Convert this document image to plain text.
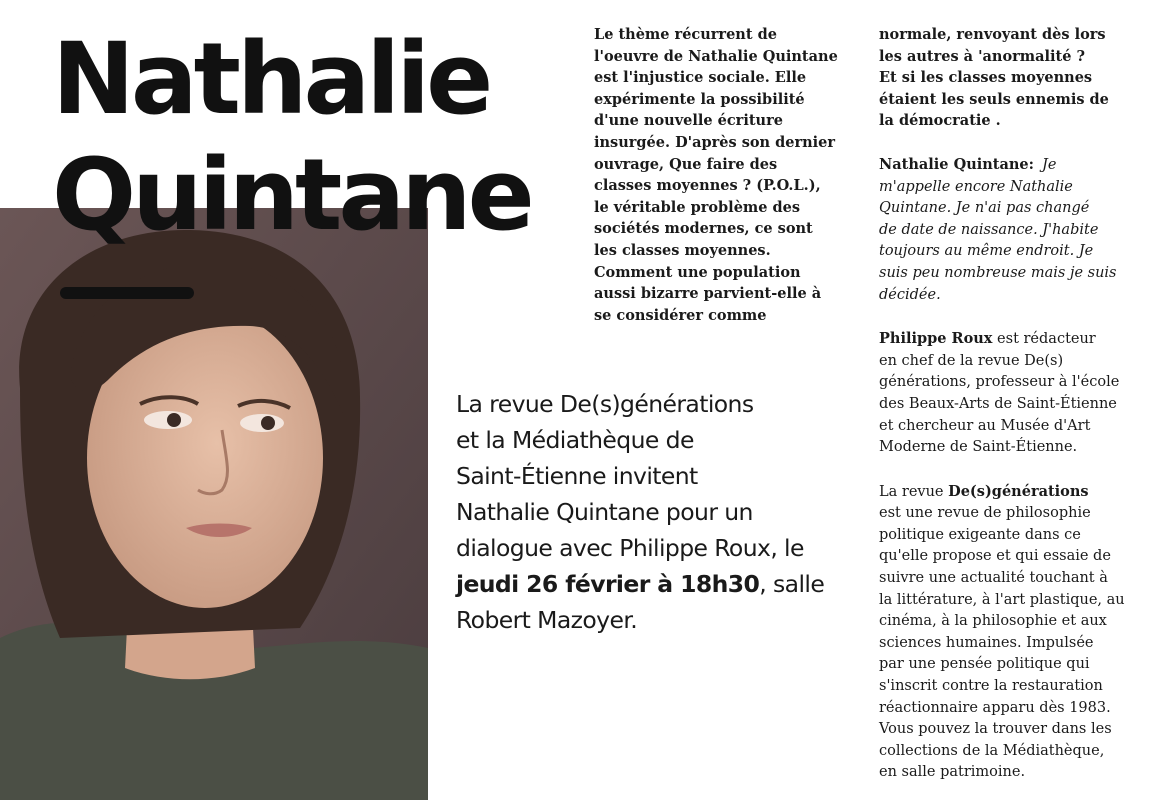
Nathalie
Quintane

La revue De(s)générations
et la Médiathèque de
Saint-Étienne invitent
Nathalie Quintane pour un
dialogue avec Philippe Roux, le
jeudi 26 février à 18h30, salle
Robert Mazoyer.

Le thème récurrent de
l'oeuvre de Nathalie Quintane
est l'injustice sociale. Elle
expérimente la possibilité
d'une nouvelle écriture
insurgée. D'après son dernier
ouvrage, Que faire des
classes moyennes ? (P.O.L.),
le véritable problème des
sociétés modernes, ce sont
les classes moyennes.
Comment une population
aussi bizarre parvient-elle à
se considérer comme

normale, renvoyant dès lors
les autres à 'anormalité ?
Et si les classes moyennes
étaient les seuls ennemis de
la démocratie .

Nathalie Quintane: Je
m'appelle encore Nathalie
Quintane. Je n'ai pas changé
de date de naissance. J'habite
toujours au même endroit. Je
suis peu nombreuse mais je suis
décidée.

Philippe Roux est rédacteur
en chef de la revue De(s)
générations, professeur à l'école
des Beaux-Arts de Saint-Étienne
et chercheur au Musée d'Art
Moderne de Saint-Étienne.

La revue De(s)générations
est une revue de philosophie
politique exigeante dans ce
qu'elle propose et qui essaie de
suivre une actualité touchant à
la littérature, à l'art plastique, au
cinéma, à la philosophie et aux
sciences humaines. Impulsée
par une pensée politique qui
s'inscrit contre la restauration
réactionnaire apparu dès 1983.
Vous pouvez la trouver dans les
collections de la Médiathèque,
en salle patrimoine.
